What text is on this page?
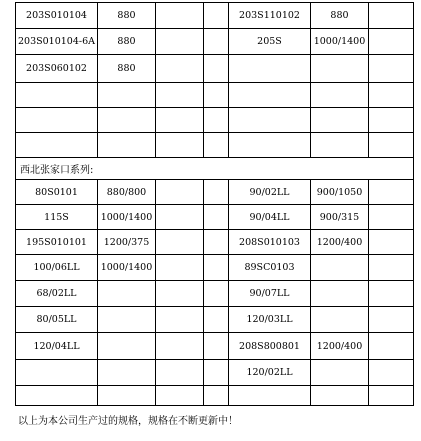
203S010104	880			203S110102	880	
203S010104-6A	880			205S	1000/1400	
203S060102	880					

西北张家口系列:						
80S0101	880/800			90/02LL	900/1050	
115S	1000/1400			90/04LL	900/315	
195S010101	1200/375			208S010103	1200/400	
100/06LL	1000/1400			89SC0103		
68/02LL				90/07LL		
80/05LL				120/03LL		
120/04LL				208S800801	1200/400	
				120/02LL		

以上为本公司生产过的规格，规格在不断更新中！
